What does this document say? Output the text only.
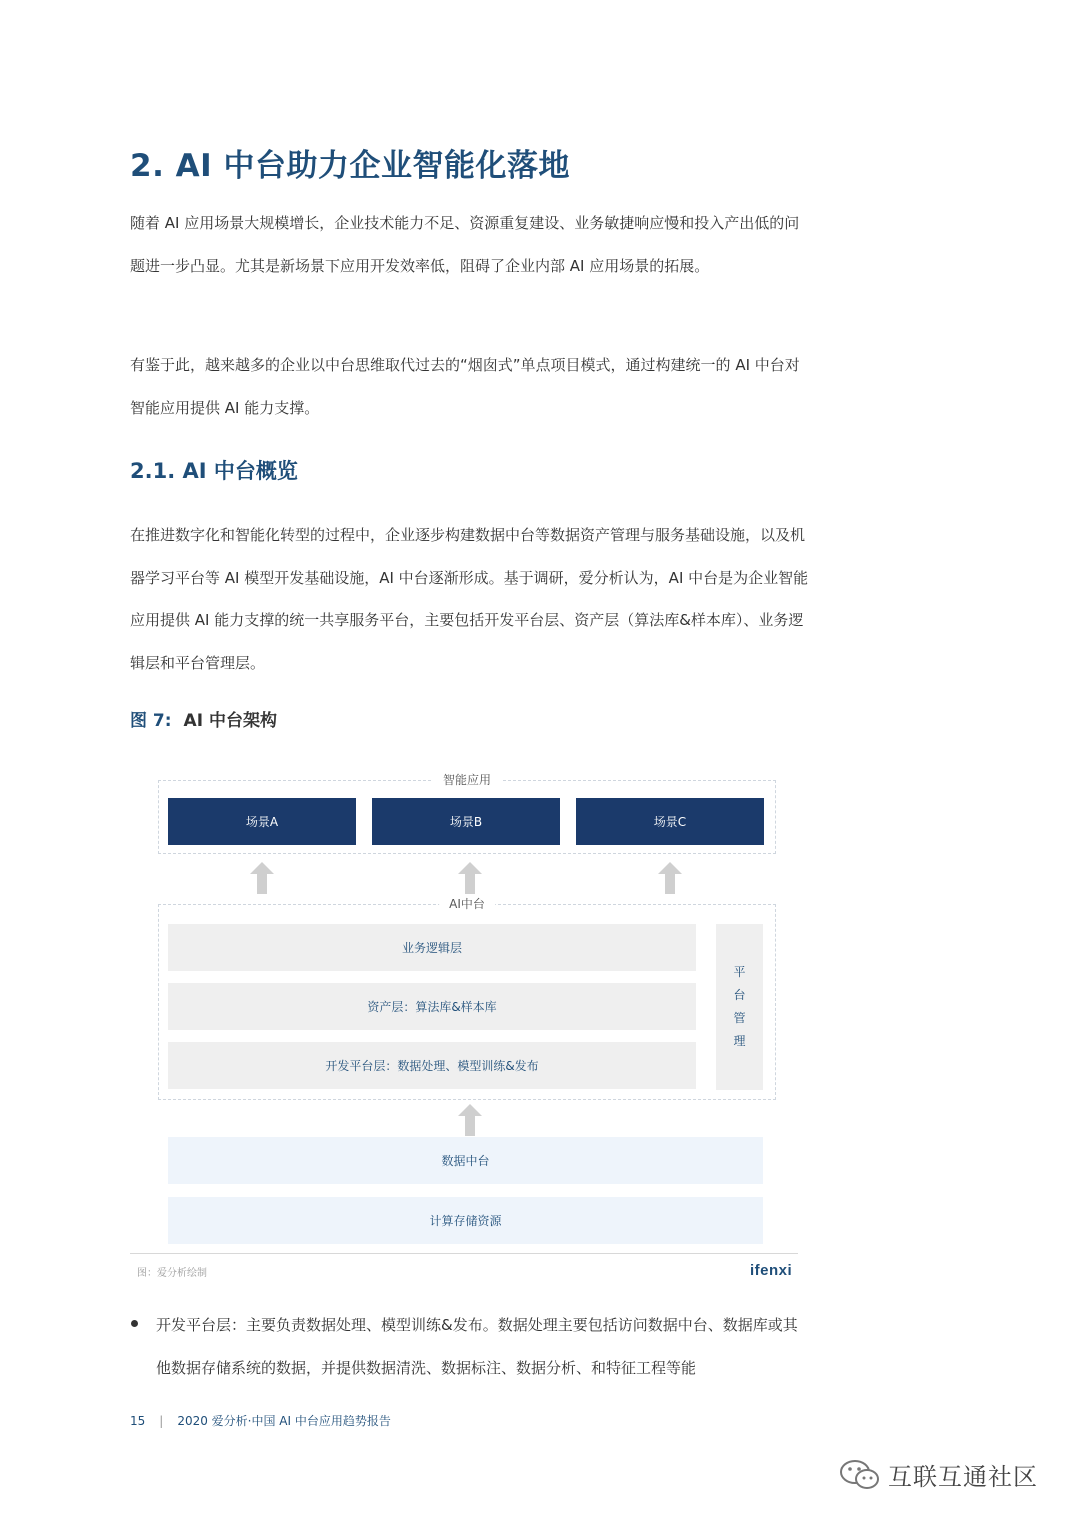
2. AI 中台助力企业智能化落地
随着 AI 应用场景大规模增长，企业技术能力不足、资源重复建设、业务敏捷响应慢和投入产出低的问题进一步凸显。尤其是新场景下应用开发效率低，阻碍了企业内部 AI 应用场景的拓展。
有鉴于此，越来越多的企业以中台思维取代过去的“烟囱式”单点项目模式，通过构建统一的 AI 中台对智能应用提供 AI 能力支撑。
2.1. AI 中台概览
在推进数字化和智能化转型的过程中，企业逐步构建数据中台等数据资产管理与服务基础设施，以及机器学习平台等 AI 模型开发基础设施，AI 中台逐渐形成。基于调研，爱分析认为，AI 中台是为企业智能应用提供 AI 能力支撑的统一共享服务平台，主要包括开发平台层、资产层（算法库&样本库）、业务逻辑层和平台管理层。
图 7: AI 中台架构
智能应用
场景A	场景B	场景C
AI中台
业务逻辑层
资产层：算法库&样本库
开发平台层：数据处理、模型训练&发布
平
台
管
理
数据中台
计算存储资源
图：爱分析绘制	ifenxi
开发平台层：主要负责数据处理、模型训练&发布。数据处理主要包括访问数据中台、数据库或其他数据存储系统的数据，并提供数据清洗、数据标注、数据分析、和特征工程等能
15 | 2020 爱分析·中国 AI 中台应用趋势报告
互联互通社区
